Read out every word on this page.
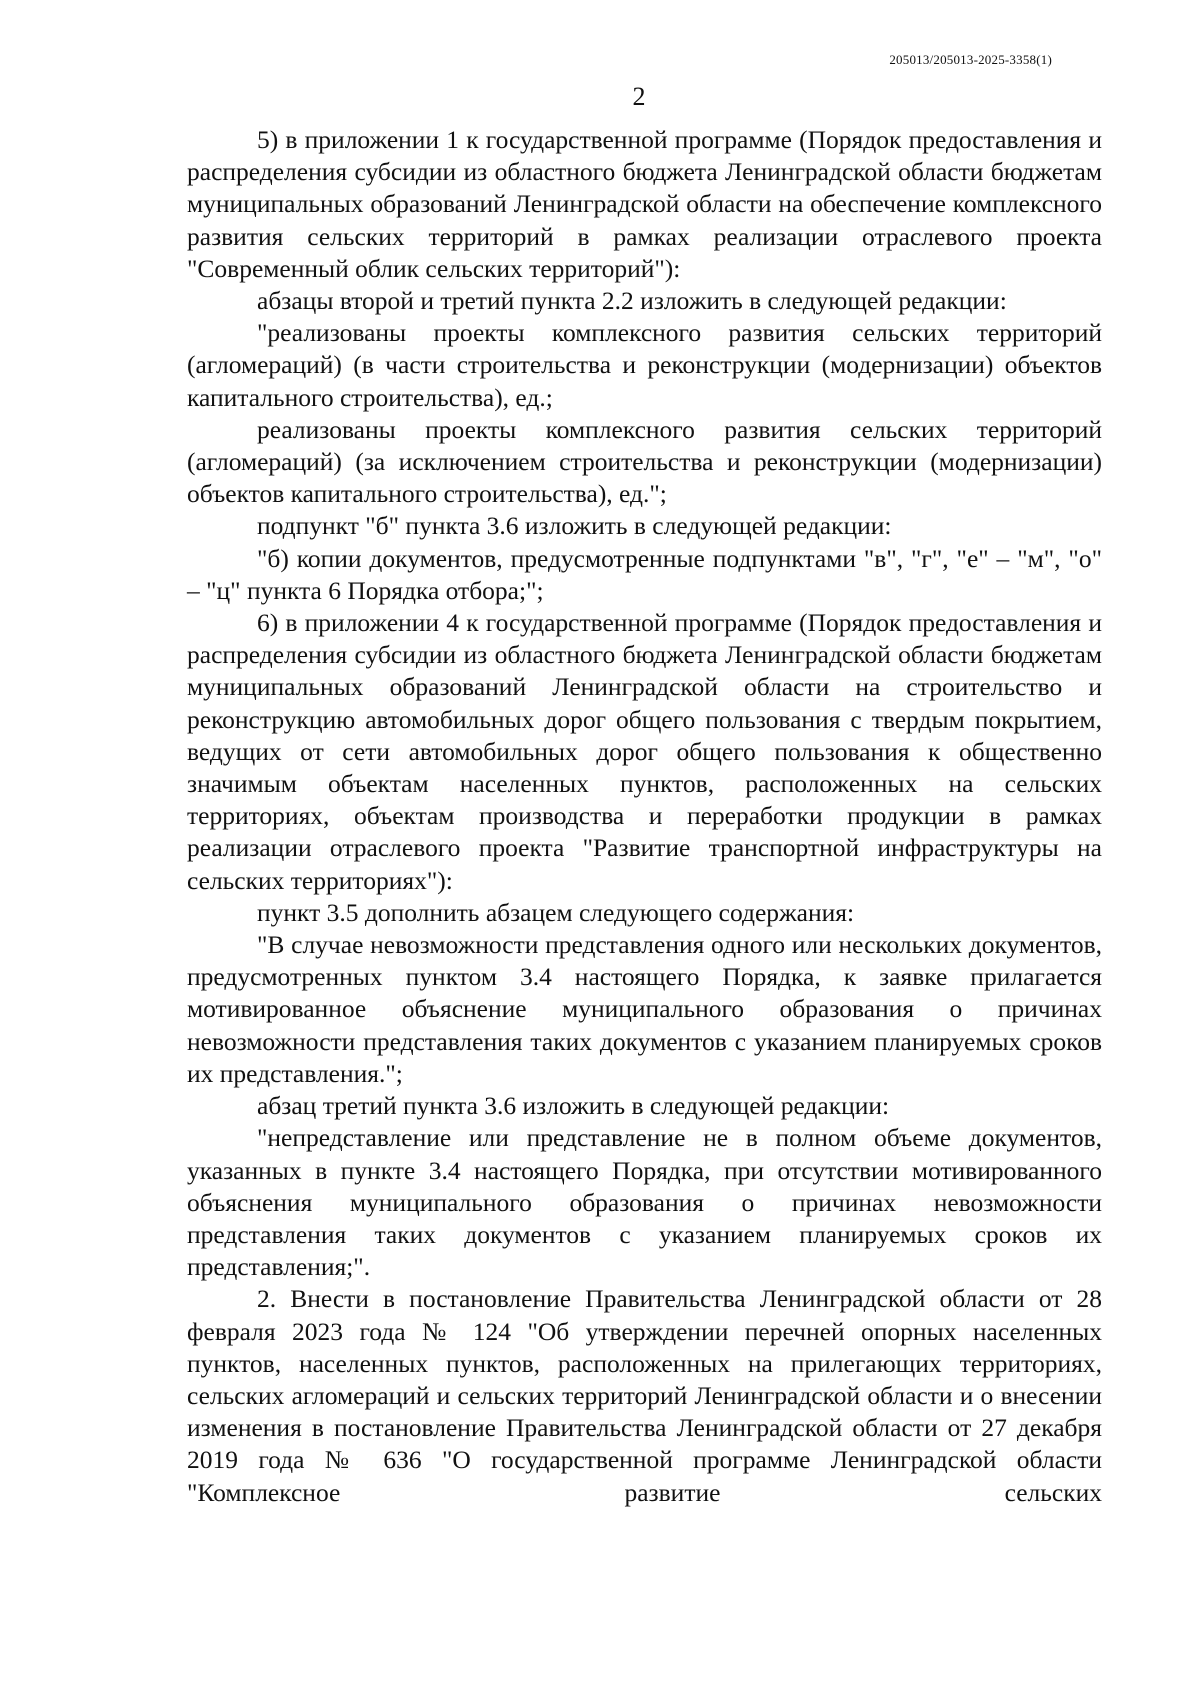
205013/205013-2025-3358(1)
2

5) в приложении 1 к государственной программе (Порядок предоставления и распределения субсидии из областного бюджета Ленинградской области бюджетам муниципальных образований Ленинградской области на обеспечение комплексного развития сельских территорий в рамках реализации отраслевого проекта "Современный облик сельских территорий"):

абзацы второй и третий пункта 2.2 изложить в следующей редакции:

"реализованы проекты комплексного развития сельских территорий (агломераций) (в части строительства и реконструкции (модернизации) объектов капитального строительства), ед.;

реализованы проекты комплексного развития сельских территорий (агломераций) (за исключением строительства и реконструкции (модернизации) объектов капитального строительства), ед.";

подпункт "б" пункта 3.6 изложить в следующей редакции:

"б) копии документов, предусмотренные подпунктами "в", "г", "е" – "м", "о" – "ц" пункта 6 Порядка отбора;";

6) в приложении 4 к государственной программе (Порядок предоставления и распределения субсидии из областного бюджета Ленинградской области бюджетам муниципальных образований Ленинградской области на строительство и реконструкцию автомобильных дорог общего пользования с твердым покрытием, ведущих от сети автомобильных дорог общего пользования к общественно значимым объектам населенных пунктов, расположенных на сельских территориях, объектам производства и переработки продукции в рамках реализации отраслевого проекта "Развитие транспортной инфраструктуры на сельских территориях"):

пункт 3.5 дополнить абзацем следующего содержания:

"В случае невозможности представления одного или нескольких документов, предусмотренных пунктом 3.4 настоящего Порядка, к заявке прилагается мотивированное объяснение муниципального образования о причинах невозможности представления таких документов с указанием планируемых сроков их представления.";

абзац третий пункта 3.6 изложить в следующей редакции:

"непредставление или представление не в полном объеме документов, указанных в пункте 3.4 настоящего Порядка, при отсутствии мотивированного объяснения муниципального образования о причинах невозможности представления таких документов с указанием планируемых сроков их представления;".

2. Внести в постановление Правительства Ленинградской области от 28 февраля 2023 года № 124 "Об утверждении перечней опорных населенных пунктов, населенных пунктов, расположенных на прилегающих территориях, сельских агломераций и сельских территорий Ленинградской области и о внесении изменения в постановление Правительства Ленинградской области от 27 декабря 2019 года № 636 "О государственной программе Ленинградской области "Комплексное развитие сельских
